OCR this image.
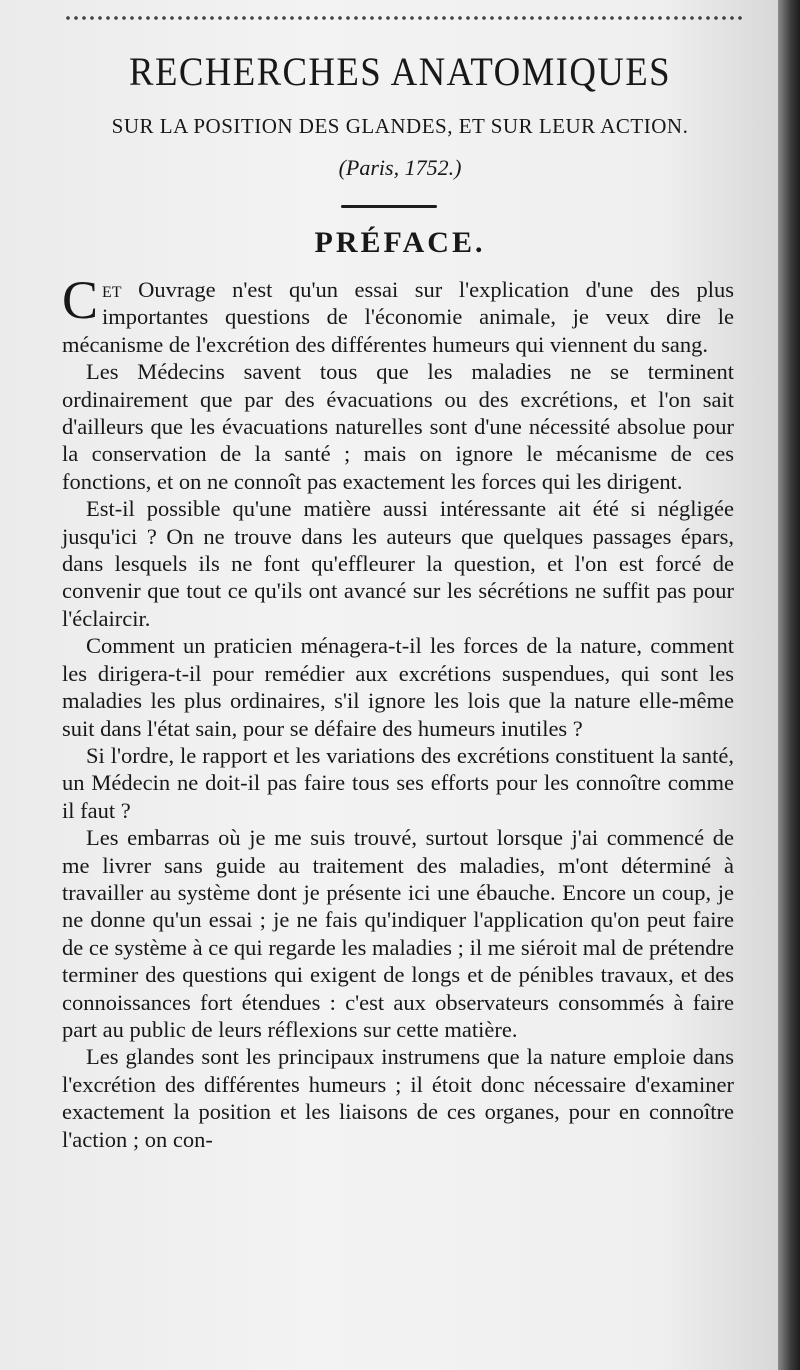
RECHERCHES ANATOMIQUES
SUR LA POSITION DES GLANDES, ET SUR LEUR ACTION.
(Paris, 1752.)
PRÉFACE.

Cet Ouvrage n'est qu'un essai sur l'explication d'une des plus importantes questions de l'économie animale, je veux dire le mécanisme de l'excrétion des différentes humeurs qui viennent du sang.

Les Médecins savent tous que les maladies ne se terminent ordinairement que par des évacuations ou des excrétions, et l'on sait d'ailleurs que les évacuations naturelles sont d'une nécessité absolue pour la conservation de la santé ; mais on ignore le mécanisme de ces fonctions, et on ne connoît pas exactement les forces qui les dirigent.

Est-il possible qu'une matière aussi intéressante ait été si négligée jusqu'ici ? On ne trouve dans les auteurs que quelques passages épars, dans lesquels ils ne font qu'effleurer la question, et l'on est forcé de convenir que tout ce qu'ils ont avancé sur les sécrétions ne suffit pas pour l'éclaircir.

Comment un praticien ménagera-t-il les forces de la nature, comment les dirigera-t-il pour remédier aux excrétions suspendues, qui sont les maladies les plus ordinaires, s'il ignore les lois que la nature elle-même suit dans l'état sain, pour se défaire des humeurs inutiles ?

Si l'ordre, le rapport et les variations des excrétions constituent la santé, un Médecin ne doit-il pas faire tous ses efforts pour les connoître comme il faut ?

Les embarras où je me suis trouvé, surtout lorsque j'ai commencé de me livrer sans guide au traitement des maladies, m'ont déterminé à travailler au système dont je présente ici une ébauche. Encore un coup, je ne donne qu'un essai ; je ne fais qu'indiquer l'application qu'on peut faire de ce système à ce qui regarde les maladies ; il me siéroit mal de prétendre terminer des questions qui exigent de longs et de pénibles travaux, et des connoissances fort étendues : c'est aux observateurs consommés à faire part au public de leurs réflexions sur cette matière.

Les glandes sont les principaux instrumens que la nature emploie dans l'excrétion des différentes humeurs ; il étoit donc nécessaire d'examiner exactement la position et les liaisons de ces organes, pour en connoître l'action ; on con-
